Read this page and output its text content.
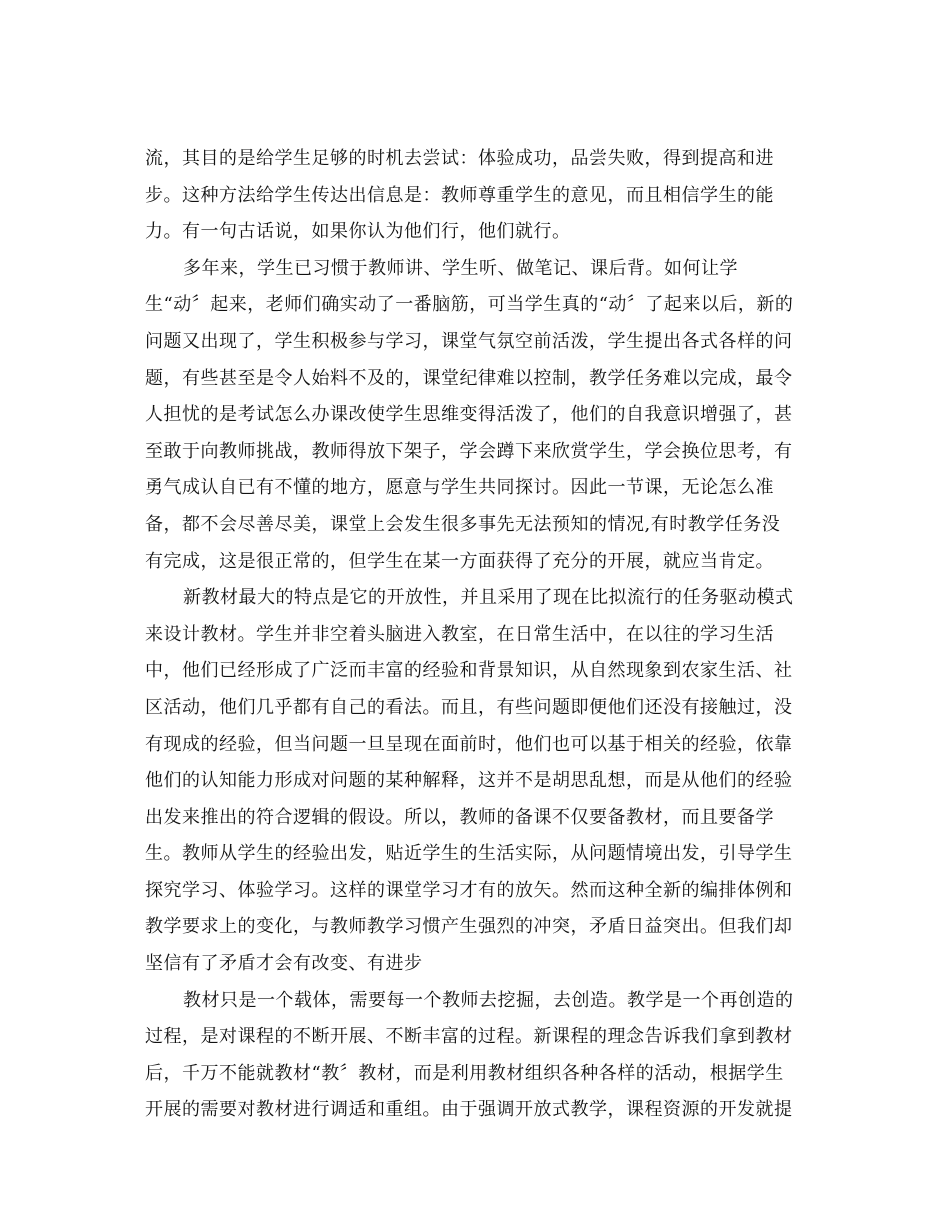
流，其目的是给学生足够的时机去尝试：体验成功，品尝失败，得到提高和进
步。这种方法给学生传达出信息是：教师尊重学生的意见，而且相信学生的能
力。有一句古话说，如果你认为他们行，他们就行。
多年来，学生已习惯于教师讲、学生听、做笔记、课后背。如何让学
生“动〞起来，老师们确实动了一番脑筋，可当学生真的“动〞了起来以后，新的
问题又出现了，学生积极参与学习，课堂气氛空前活泼，学生提出各式各样的问
题，有些甚至是令人始料不及的，课堂纪律难以控制，教学任务难以完成，最令
人担忧的是考试怎么办课改使学生思维变得活泼了，他们的自我意识增强了，甚
至敢于向教师挑战，教师得放下架子，学会蹲下来欣赏学生，学会换位思考，有
勇气成认自已有不懂的地方，愿意与学生共同探讨。因此一节课，无论怎么准
备，都不会尽善尽美，课堂上会发生很多事先无法预知的情况,有时教学任务没
有完成，这是很正常的，但学生在某一方面获得了充分的开展，就应当肯定。
新教材最大的特点是它的开放性，并且采用了现在比拟流行的任务驱动模式
来设计教材。学生并非空着头脑进入教室，在日常生活中，在以往的学习生活
中，他们已经形成了广泛而丰富的经验和背景知识，从自然现象到农家生活、社
区活动，他们几乎都有自己的看法。而且，有些问题即便他们还没有接触过，没
有现成的经验，但当问题一旦呈现在面前时，他们也可以基于相关的经验，依靠
他们的认知能力形成对问题的某种解释，这并不是胡思乱想，而是从他们的经验
出发来推出的符合逻辑的假设。所以，教师的备课不仅要备教材，而且要备学
生。教师从学生的经验出发，贴近学生的生活实际，从问题情境出发，引导学生
探究学习、体验学习。这样的课堂学习才有的放矢。然而这种全新的编排体例和
教学要求上的变化，与教师教学习惯产生强烈的冲突，矛盾日益突出。但我们却
坚信有了矛盾才会有改变、有进步
教材只是一个载体，需要每一个教师去挖掘，去创造。教学是一个再创造的
过程，是对课程的不断开展、不断丰富的过程。新课程的理念告诉我们拿到教材
后，千万不能就教材“教〞教材，而是利用教材组织各种各样的活动，根据学生
开展的需要对教材进行调适和重组。由于强调开放式教学，课程资源的开发就提
